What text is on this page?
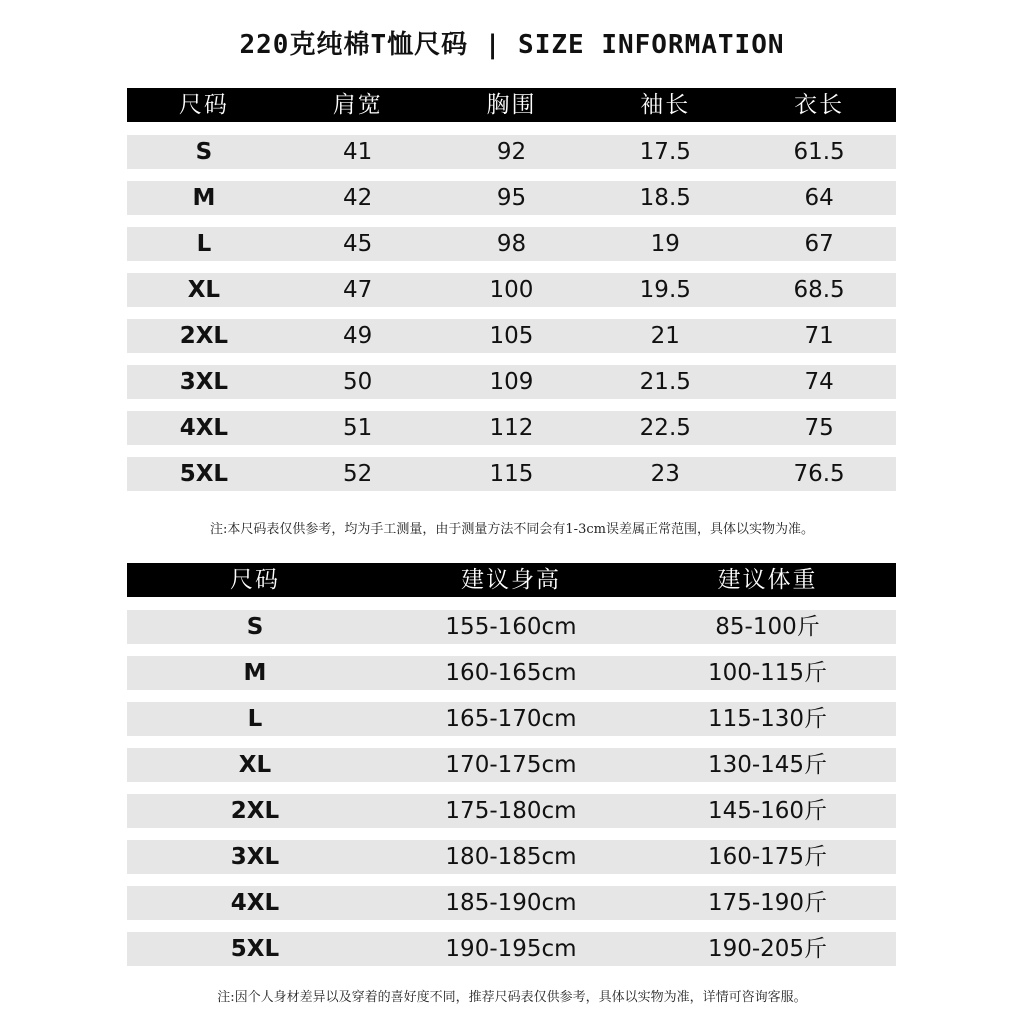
220克纯棉T恤尺码 | SIZE INFORMATION
尺码	肩宽	胸围	袖长	衣长
S	41	92	17.5	61.5
M	42	95	18.5	64
L	45	98	19	67
XL	47	100	19.5	68.5
2XL	49	105	21	71
3XL	50	109	21.5	74
4XL	51	112	22.5	75
5XL	52	115	23	76.5
注:本尺码表仅供参考，均为手工测量，由于测量方法不同会有1-3cm误差属正常范围，具体以实物为准。
尺码	建议身高	建议体重
S	155-160cm	85-100斤
M	160-165cm	100-115斤
L	165-170cm	115-130斤
XL	170-175cm	130-145斤
2XL	175-180cm	145-160斤
3XL	180-185cm	160-175斤
4XL	185-190cm	175-190斤
5XL	190-195cm	190-205斤
注:因个人身材差异以及穿着的喜好度不同，推荐尺码表仅供参考，具体以实物为准，详情可咨询客服。
